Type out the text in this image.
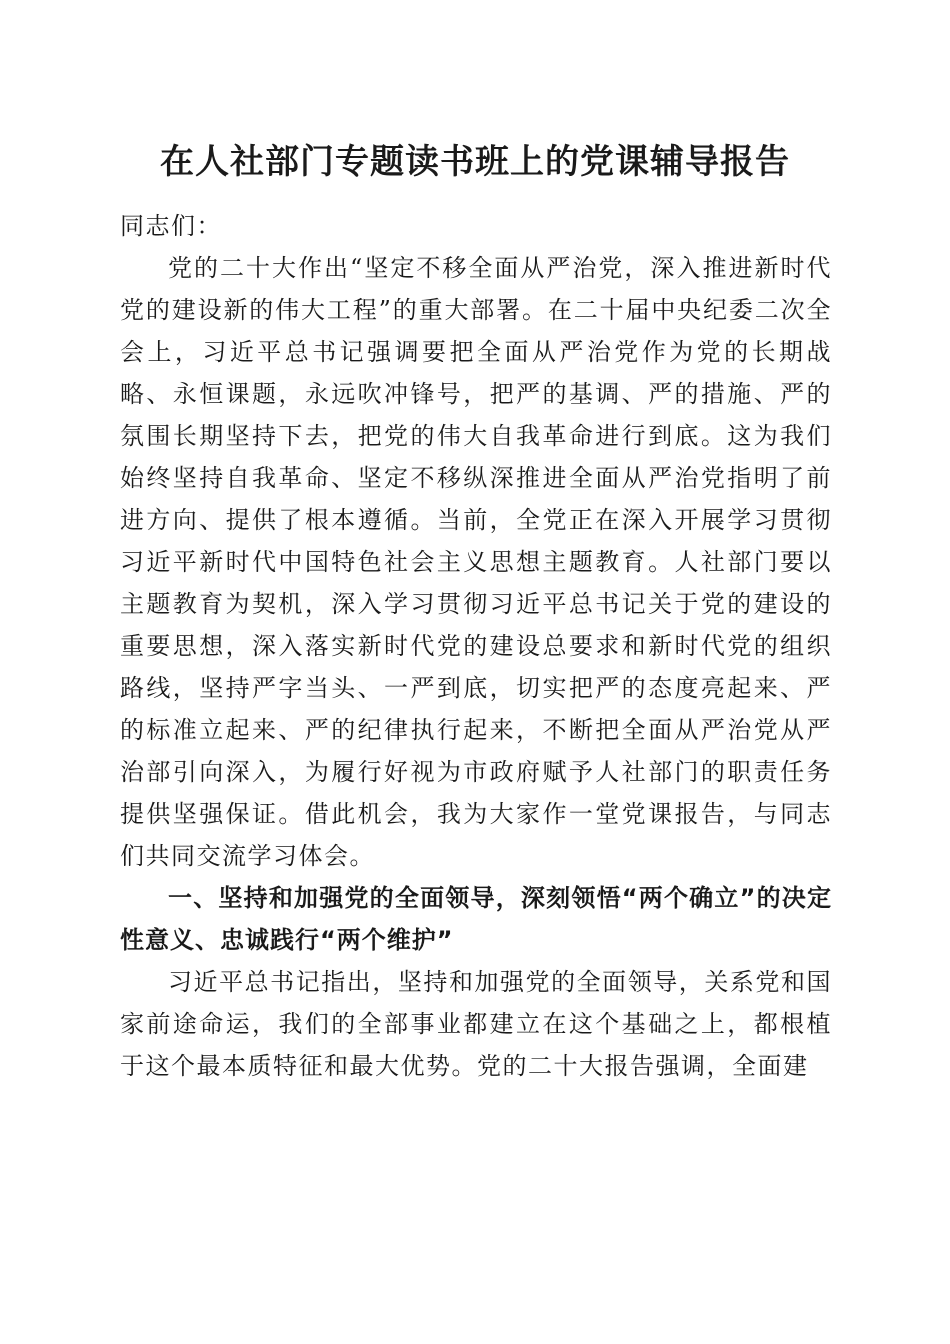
在人社部门专题读书班上的党课辅导报告

同志们：

党的二十大作出“坚定不移全面从严治党，深入推进新时代党的建设新的伟大工程”的重大部署。在二十届中央纪委二次全会上，习近平总书记强调要把全面从严治党作为党的长期战略、永恒课题，永远吹冲锋号，把严的基调、严的措施、严的氛围长期坚持下去，把党的伟大自我革命进行到底。这为我们始终坚持自我革命、坚定不移纵深推进全面从严治党指明了前进方向、提供了根本遵循。当前，全党正在深入开展学习贯彻习近平新时代中国特色社会主义思想主题教育。人社部门要以主题教育为契机，深入学习贯彻习近平总书记关于党的建设的重要思想，深入落实新时代党的建设总要求和新时代党的组织路线，坚持严字当头、一严到底，切实把严的态度亮起来、严的标准立起来、严的纪律执行起来，不断把全面从严治党从严治部引向深入，为履行好视为市政府赋予人社部门的职责任务提供坚强保证。借此机会，我为大家作一堂党课报告，与同志们共同交流学习体会。

一、坚持和加强党的全面领导，深刻领悟“两个确立”的决定性意义、忠诚践行“两个维护”

习近平总书记指出，坚持和加强党的全面领导，关系党和国家前途命运，我们的全部事业都建立在这个基础之上，都根植于这个最本质特征和最大优势。党的二十大报告强调，全面建
